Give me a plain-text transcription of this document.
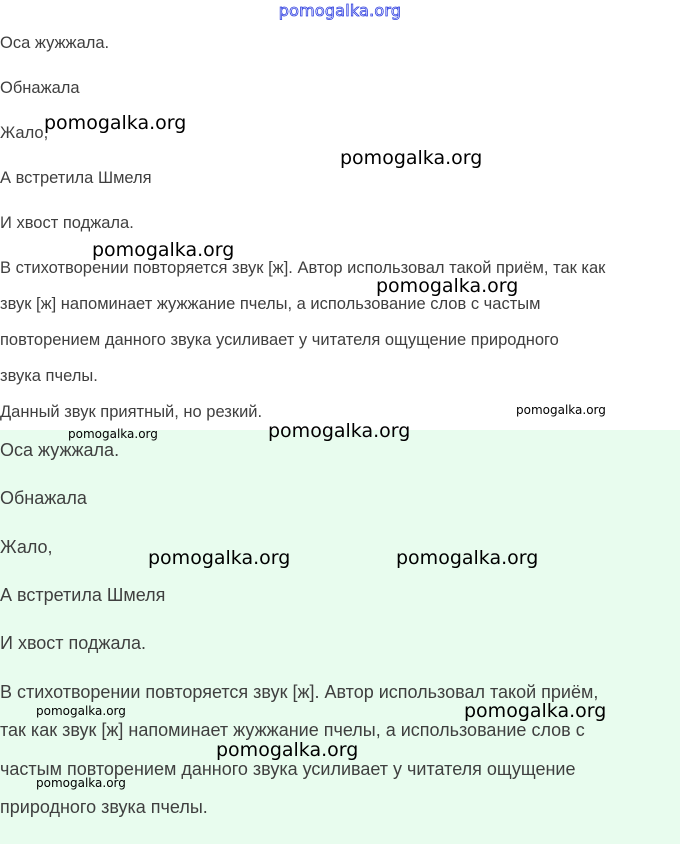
pomogalka.org
Оса жужжала.
Обнажала
Жало,
А встретила Шмеля
И хвост поджала.
В стихотворении повторяется звук [ж]. Автор использовал такой приём, так как
звук [ж] напоминает жужжание пчелы, а использование слов с частым
повторением данного звука усиливает у читателя ощущение природного
звука пчелы.
Данный звук приятный, но резкий.
Оса жужжала.
Обнажала
Жало,
А встретила Шмеля
И хвост поджала.
В стихотворении повторяется звук [ж]. Автор использовал такой приём,
так как звук [ж] напоминает жужжание пчелы, а использование слов с
частым повторением данного звука усиливает у читателя ощущение
природного звука пчелы.
pomogalka.org
pomogalka.org
pomogalka.org
pomogalka.org
pomogalka.org
pomogalka.org	pomogalka.org
pomogalka.org	pomogalka.org
pomogalka.org	pomogalka.org
pomogalka.org
pomogalka.org
